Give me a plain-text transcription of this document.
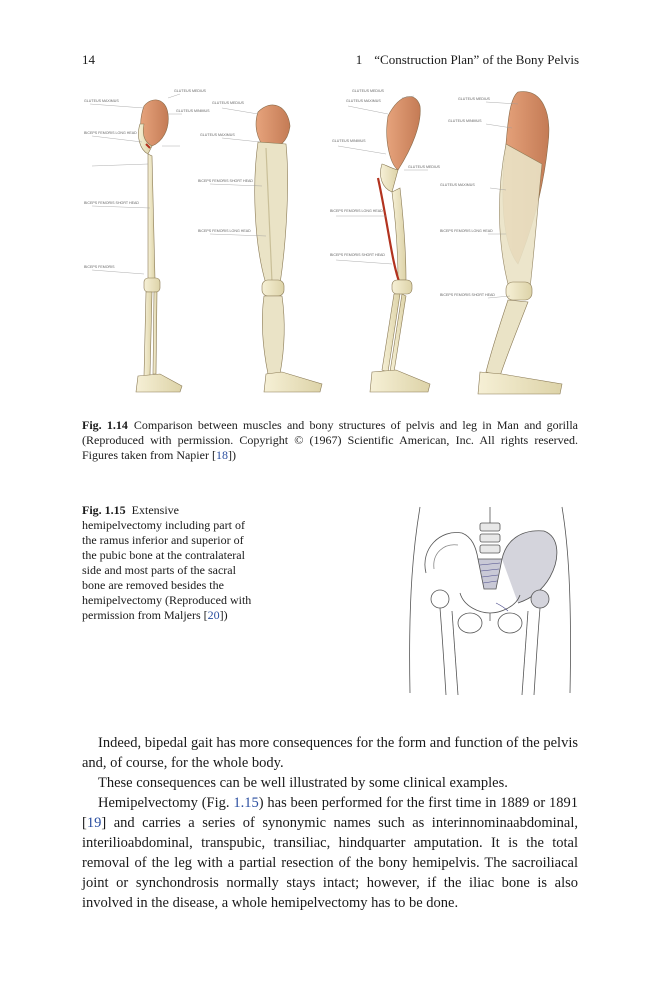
14	1 “Construction Plan” of the Bony Pelvis
GLUTEUS MAXIMUS
GLUTEUS MEDIUS
GLUTEUS MINIMUS
BICEPS FEMORIS LONG HEAD
BICEPS FEMORIS SHORT HEAD
BICEPS FEMORIS
GLUTEUS MEDIUS
GLUTEUS MAXIMUS
BICEPS FEMORIS SHORT HEAD
BICEPS FEMORIS LONG HEAD
GLUTEUS MAXIMUS
GLUTEUS MEDIUS
GLUTEUS MINIMUS
GLUTEUS MEDIUS
BICEPS FEMORIS LONG HEAD
BICEPS FEMORIS SHORT HEAD
GLUTEUS MEDIUS
GLUTEUS MINIMUS
GLUTEUS MAXIMUS
BICEPS FEMORIS LONG HEAD
BICEPS FEMORIS SHORT HEAD
Fig. 1.14 Comparison between muscles and bony structures of pelvis and leg in Man and gorilla (Reproduced with permission. Copyright © (1967) Scientific American, Inc. All rights reserved. Figures taken from Napier [18])
Fig. 1.15 Extensive hemipelvectomy including part of the ramus inferior and superior of the pubic bone at the contralateral side and most parts of the sacral bone are removed besides the hemipelvectomy (Reproduced with permission from Maljers [20])

Indeed, bipedal gait has more consequences for the form and function of the pelvis and, of course, for the whole body.

These consequences can be well illustrated by some clinical examples.

Hemipelvectomy (Fig. 1.15) has been performed for the first time in 1889 or 1891 [19] and carries a series of synonymic names such as interinnominaabdominal, interilioabdominal, transpubic, transiliac, hindquarter amputation. It is the total removal of the leg with a partial resection of the bony hemipelvis. The sacroiliacal joint or synchondrosis normally stays intact; however, if the iliac bone is also involved in the disease, a whole hemipelvectomy has to be done.
